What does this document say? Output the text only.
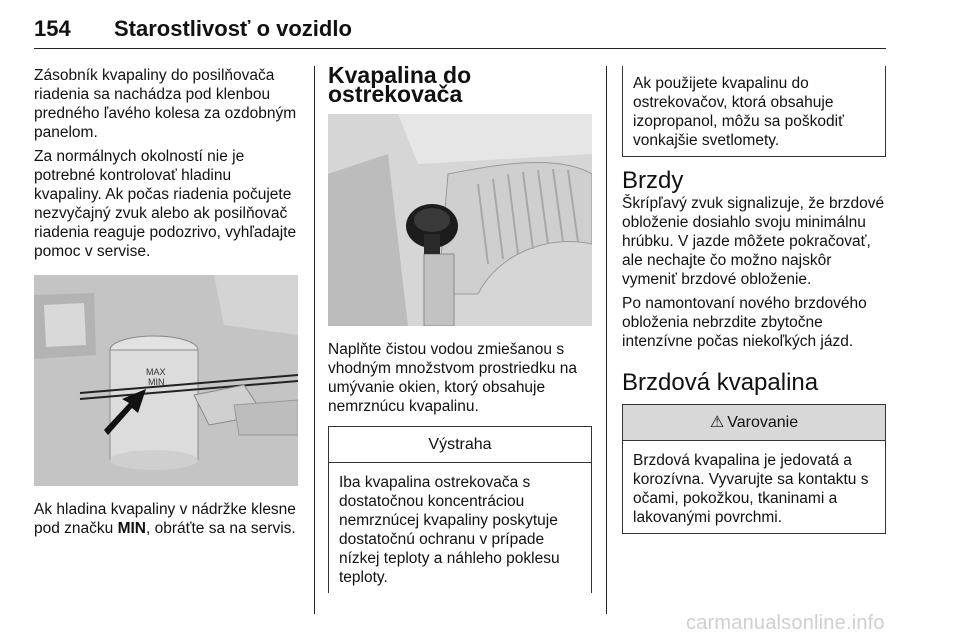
154 Starostlivosť o vozidlo

Zásobník kvapaliny do posilňovača riadenia sa nachádza pod klenbou predného ľavého kolesa za ozdobným panelom.

Za normálnych okolností nie je potrebné kontrolovať hladinu kvapaliny. Ak počas riadenia počujete nezvyčajný zvuk alebo ak posilňovač riadenia reaguje podozrivo, vyhľadajte pomoc v servise.

MAX
MIN

Ak hladina kvapaliny v nádržke klesne pod značku MIN, obráťte sa na servis.

Kvapalina do ostrekovača

Naplňte čistou vodou zmiešanou s vhodným množstvom prostriedku na umývanie okien, ktorý obsahuje nemrznúcu kvapalinu.

Výstraha
Iba kvapalina ostrekovača s dostatočnou koncentráciou nemrznúcej kvapaliny poskytuje dostatočnú ochranu v prípade nízkej teploty a náhleho poklesu teploty.
Ak použijete kvapalinu do ostrekovačov, ktorá obsahuje izopropanol, môžu sa poškodiť vonkajšie svetlomety.
Brzdy

Škrípľavý zvuk signalizuje, že brzdové obloženie dosiahlo svoju minimálnu hrúbku. V jazde môžete pokračovať, ale nechajte čo možno najskôr vymeniť brzdové obloženie.

Po namontovaní nového brzdového obloženia nebrzdite zbytočne intenzívne počas niekoľkých jázd.

Brzdová kvapalina
⚠ Varovanie
Brzdová kvapalina je jedovatá a korozívna. Vyvarujte sa kontaktu s očami, pokožkou, tkaninami a lakovanými povrchmi.
carmanualsonline.info
